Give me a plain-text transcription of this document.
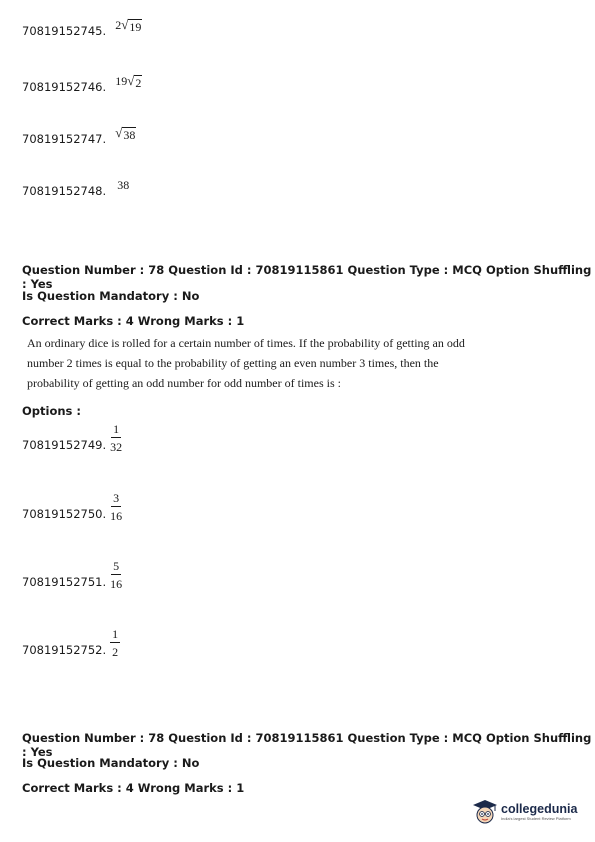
70819152745. $^{2 √ 19}$
70819152746. $^{19 √ 2}$
70819152747. $^{√ 38}$
70819152748. $^{38}$
Question Number : 78 Question Id : 70819115861 Question Type : MCQ Option Shuffling : Yes
Is Question Mandatory : No
Correct Marks : 4 Wrong Marks : 1
An ordinary dice is rolled for a certain number of times. If the probability of getting an odd
number 2 times is equal to the probability of getting an even number 3 times, then the
probability of getting an odd number for odd number of times is :
Options :
70819152749. $\frac{1}{32}$
70819152750. $\frac{3}{16}$
70819152751. $\frac{5}{16}$
70819152752. $\frac{1}{2}$
Question Number : 78 Question Id : 70819115861 Question Type : MCQ Option Shuffling : Yes
Is Question Mandatory : No
Correct Marks : 4 Wrong Marks : 1
collegedunia
India's largest Student Review Platform
